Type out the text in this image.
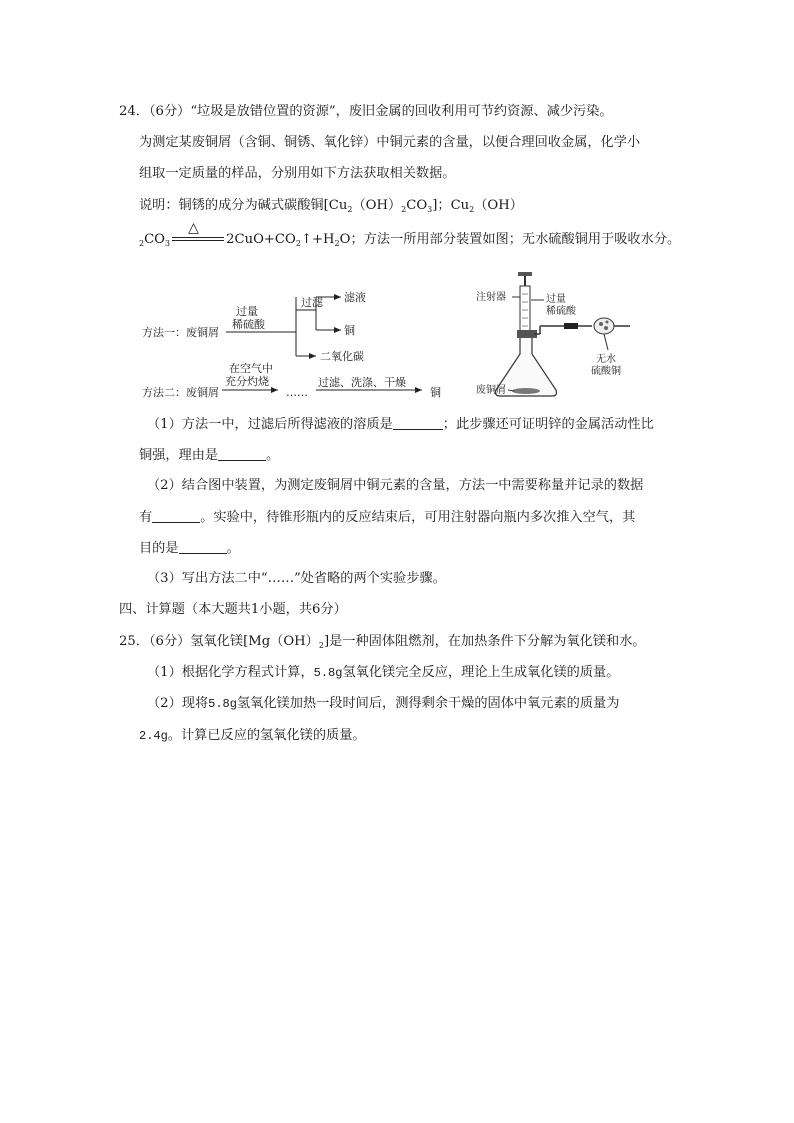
24．（6分）“垃圾是放错位置的资源”，废旧金属的回收利用可节约资源、减少污染。
为测定某废铜屑（含铜、铜锈、氧化锌）中铜元素的含量，以便合理回收金属，化学小
组取一定质量的样品，分别用如下方法获取相关数据。
说明：铜锈的成分为碱式碳酸铜$[Cu_2(OH)_2CO_3]$；$Cu_2(OH)$
$_2CO_3$
△
$2CuO+CO_2↑+H_2O$；方法一所用部分装置如图；无水硫酸铜用于吸收水分。
方法一：废铜屑
过量
稀硫酸
过滤 滤液
铜
二氧化碳
方法二：废铜屑
在空气中
充分灼烧
……
过滤、洗涤、干燥
铜
注射器	过量
稀硫酸
废铜屑
无水
硫酸铜
（1）方法一中，过滤后所得滤液的溶质是	；此步骤还可证明锌的金属活动性比
铜强，理由是	。
（2）结合图中装置，为测定废铜屑中铜元素的含量，方法一中需要称量并记录的数据
有	。实验中，待锥形瓶内的反应结束后，可用注射器向瓶内多次推入空气，其
目的是	。
（3）写出方法二中“……”处省略的两个实验步骤。
四、计算题（本大题共1小题，共6分）
25．（6分）氢氧化镁$[Mg(OH)_2]$是一种固体阻燃剂，在加热条件下分解为氧化镁和水。
（1）根据化学方程式计算，5.8g氢氧化镁完全反应，理论上生成氧化镁的质量。
（2）现将5.8g氢氧化镁加热一段时间后，测得剩余干燥的固体中氧元素的质量为
2.4g。计算已反应的氢氧化镁的质量。
